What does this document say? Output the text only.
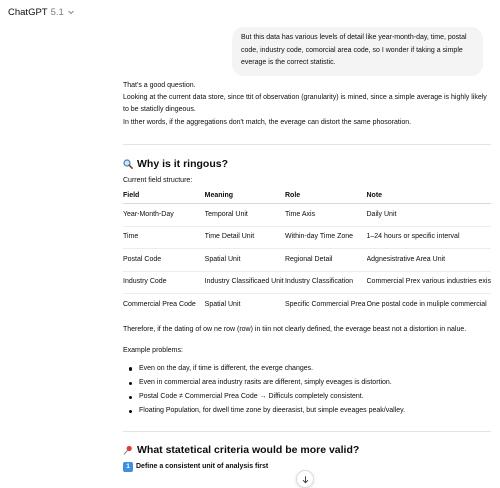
ChatGPT 5.1
But this data has various levels of detail like year-month-day, time, postal code, industry code, comorcial area code, so I wonder if taking a simple everage is the correct statistic.

That's a good question.

Looking at the current data store, since ttit of observation (granularity) is mined, since a simple average is highly likely to be staticlly dingeous.

In tther words, if the aggregations don't match, the everage can distort the same phosoration.

Why is it ringous?

Current field structure:

Field	Meaning	Role	Note
Year-Month-Day	Temporal Unit	Time Axis	Daily Unit
Time	Time Detail Unit	Within-day Time Zone	1–24 hours or specific interval
Postal Code	Spatial Unit	Regional Detail	Adgnesistrative Area Unit
Industry Code	Industry Classificaed Unit	Industry Classification	Commercial Prex various industries exis
Commercial Prea Code	Spatial Unit	Specific Commercial Prea	One postal code in muliple commercial

Therefore, if the dating of ow ne row (row) in tiin not clearly defined, the everage beast not a distortion in nalue.

Example problems:

Even on the day, if time is different, the everge changes.
Even in commercial area industry rasits are different, simply eveages is distortion.
Postal Code ≠ Commercial Prea Code → Difficuls completely consistent.
Floating Population, for dwell time zone by dieerasist, but simple eveages peak/valley.
What statetical criteria would be more valid?
1 Define a consistent unit of analysis first
